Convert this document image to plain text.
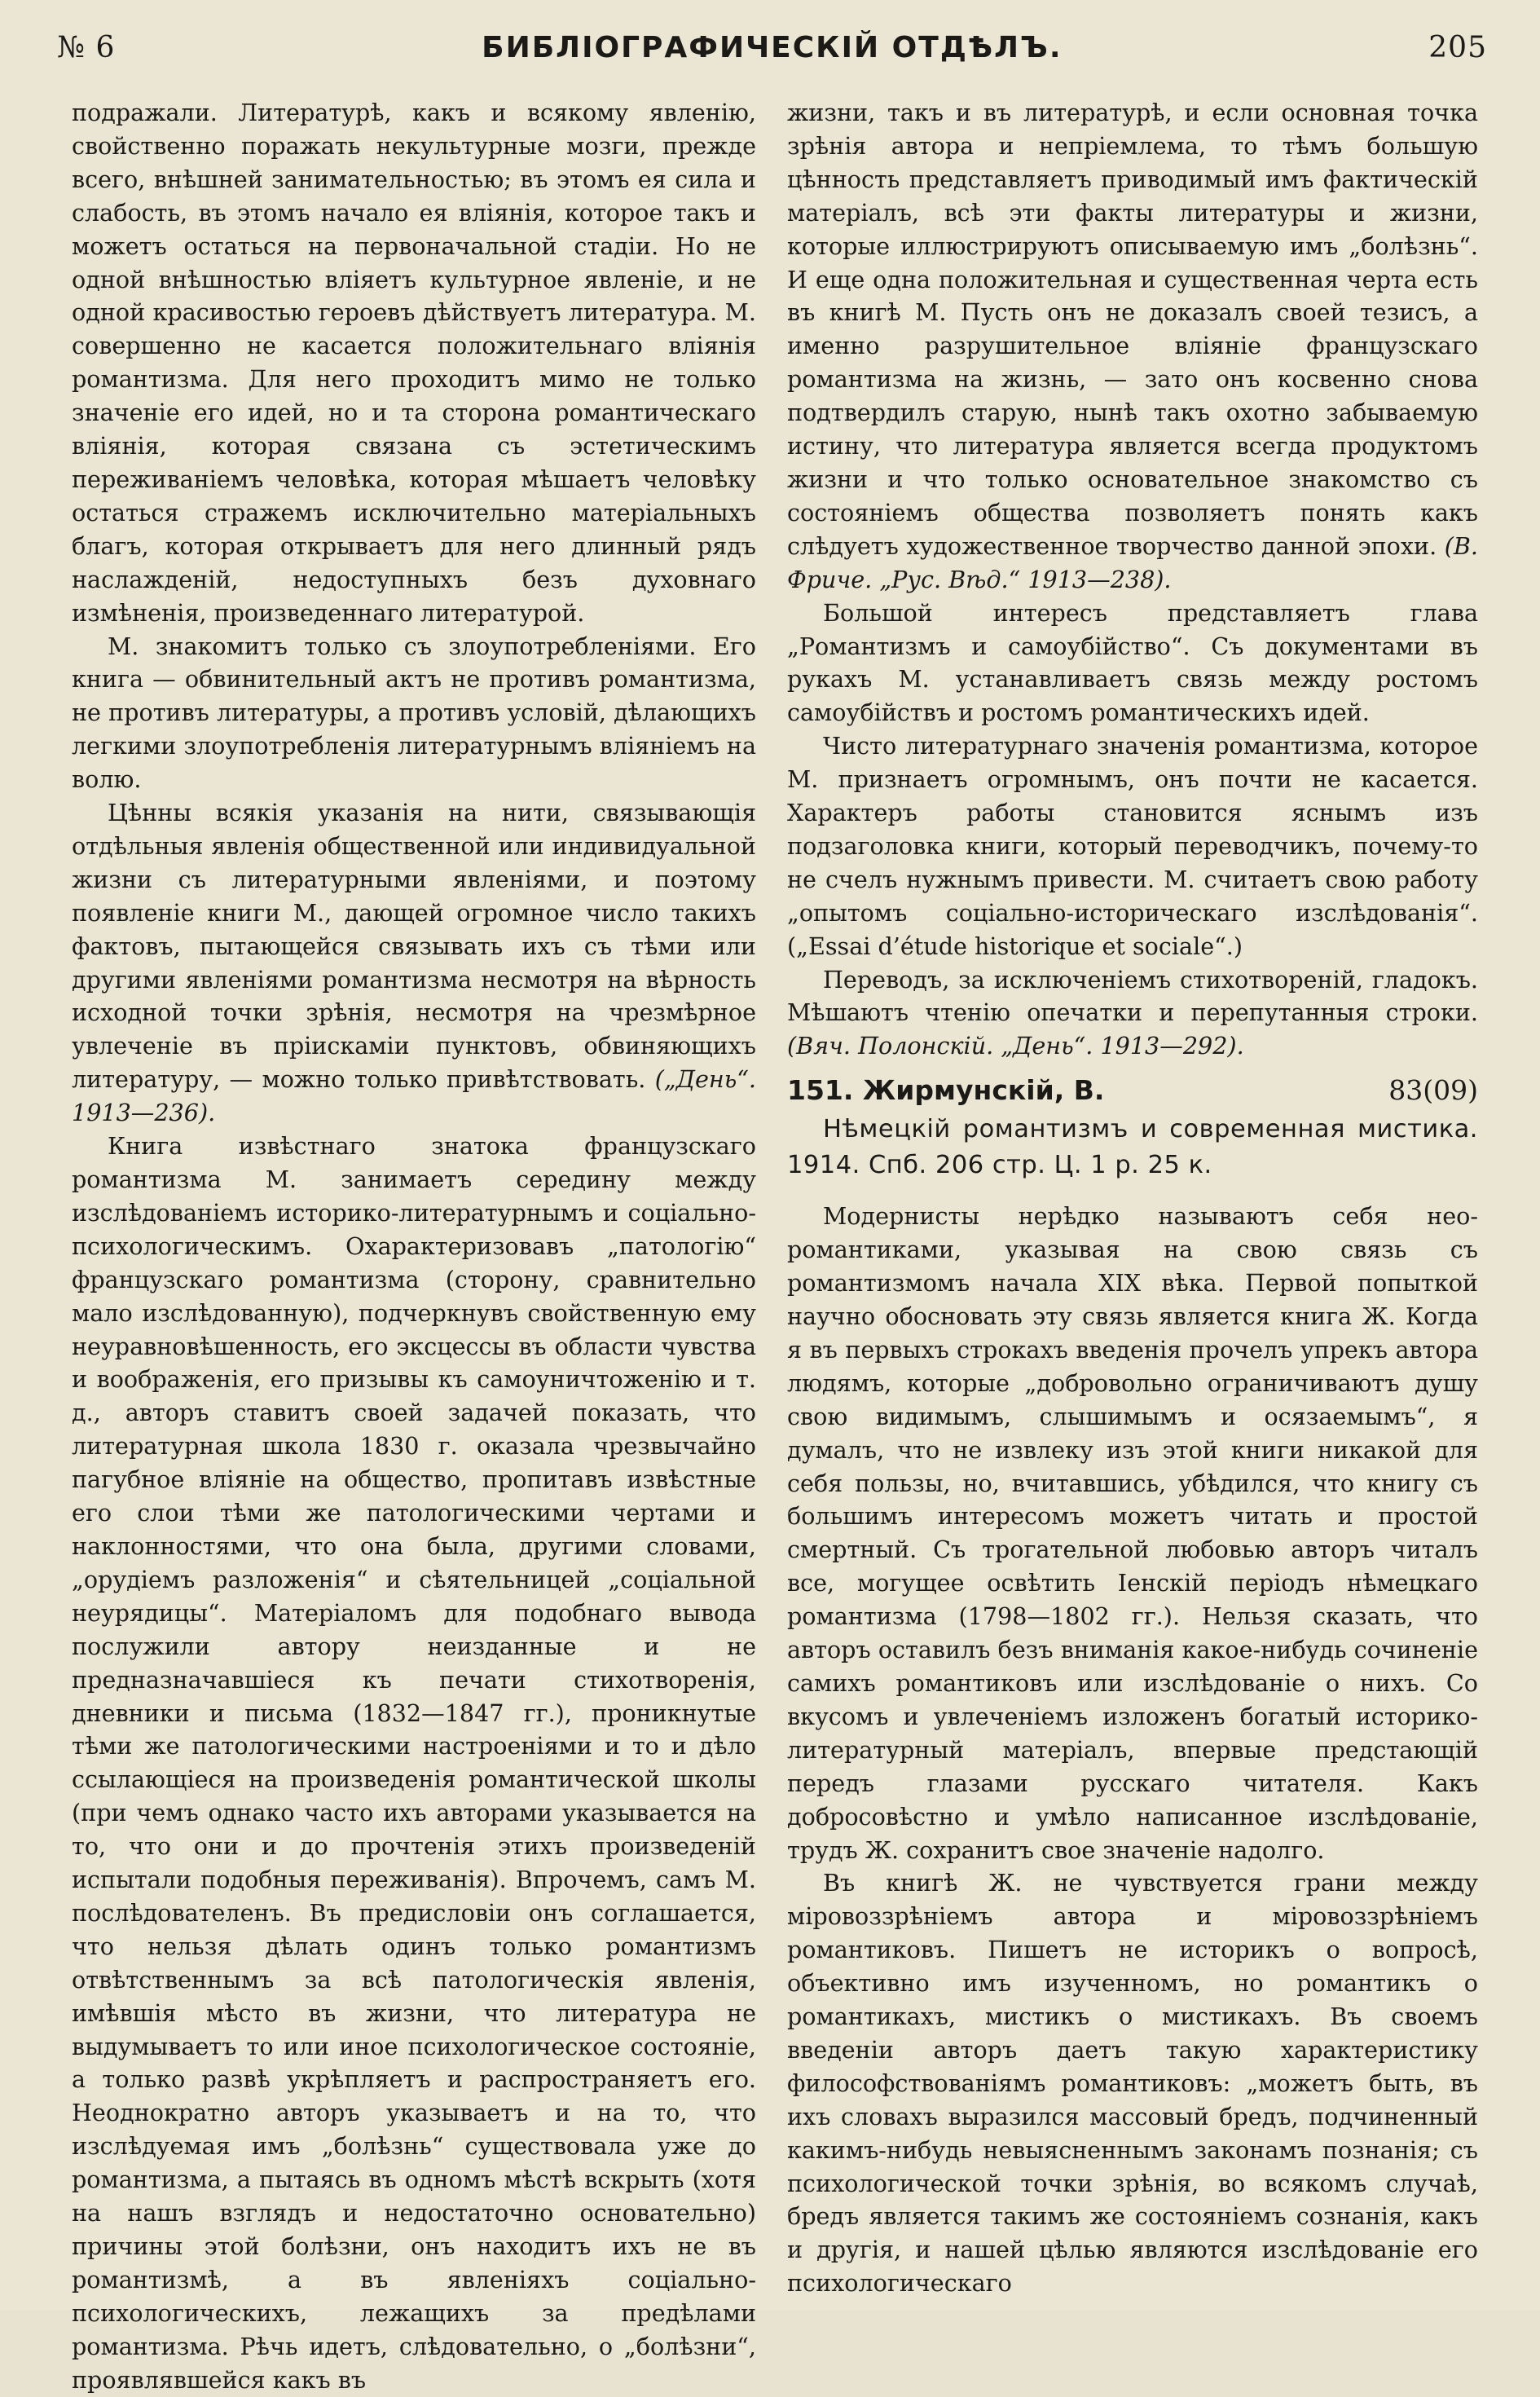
№ 6	БИБЛІОГРАФИЧЕСКІЙ ОТДѢЛЪ.	205

подражали. Литературѣ, какъ и всякому явленію, свойственно поражать некультурные мозги, прежде всего, внѣшней занимательностью; въ этомъ ея сила и слабость, въ этомъ начало ея вліянія, которое такъ и можетъ остаться на первоначальной стадіи. Но не одной внѣшностью вліяетъ культурное явленіе, и не одной красивостью героевъ дѣйствуетъ литература. М. совершенно не касается положительнаго вліянія романтизма. Для него проходитъ мимо не только значеніе его идей, но и та сторона романтическаго вліянія, которая связана съ эстетическимъ переживаніемъ человѣка, которая мѣшаетъ человѣку остаться стражемъ исключительно матеріальныхъ благъ, которая открываетъ для него длинный рядъ наслажденій, недоступныхъ безъ духовнаго измѣненія, произведеннаго литературой.

М. знакомитъ только съ злоупотребленіями. Его книга — обвинительный актъ не противъ романтизма, не противъ литературы, а противъ условій, дѣлающихъ легкими злоупотребленія литературнымъ вліяніемъ на волю.

Цѣнны всякія указанія на нити, связывающія отдѣльныя явленія общественной или индивидуальной жизни съ литературными явленіями, и поэтому появленіе книги М., дающей огромное число такихъ фактовъ, пытающейся связывать ихъ съ тѣми или другими явленіями романтизма несмотря на вѣрность исходной точки зрѣнія, несмотря на чрезмѣрное увлеченіе въ пріискаміи пунктовъ, обвиняющихъ литературу, — можно только привѣтствовать. („День“. 1913—236).

Книга извѣстнаго знатока французскаго романтизма М. занимаетъ середину между изслѣдованіемъ историко-литературнымъ и соціально-психологическимъ. Охарактеризовавъ „патологію“ французскаго романтизма (сторону, сравнительно мало изслѣдованную), подчеркнувъ свойственную ему неуравновѣшенность, его эксцессы въ области чувства и воображенія, его призывы къ самоуничтоженію и т. д., авторъ ставитъ своей задачей показать, что литературная школа 1830 г. оказала чрезвычайно пагубное вліяніе на общество, пропитавъ извѣстные его слои тѣми же патологическими чертами и наклонностями, что она была, другими словами, „орудіемъ разложенія“ и сѣятельницей „соціальной неурядицы“. Матеріаломъ для подобнаго вывода послужили автору неизданные и не предназначавшіеся къ печати стихотворенія, дневники и письма (1832—1847 гг.), проникнутые тѣми же патологическими настроеніями и то и дѣло ссылающіеся на произведенія романтической школы (при чемъ однако часто ихъ авторами указывается на то, что они и до прочтенія этихъ произведеній испытали подобныя переживанія). Впрочемъ, самъ М. послѣдователенъ. Въ предисловіи онъ соглашается, что нельзя дѣлать одинъ только романтизмъ отвѣтственнымъ за всѣ патологическія явленія, имѣвшія мѣсто въ жизни, что литература не выдумываетъ то или иное психологическое состояніе, а только развѣ укрѣпляетъ и распространяетъ его. Неоднократно авторъ указываетъ и на то, что изслѣдуемая имъ „болѣзнь“ существовала уже до романтизма, а пытаясь въ одномъ мѣстѣ вскрыть (хотя на нашъ взглядъ и недостаточно основательно) причины этой болѣзни, онъ находитъ ихъ не въ романтизмѣ, а въ явленіяхъ соціально-психологическихъ, лежащихъ за предѣлами романтизма. Рѣчь идетъ, слѣдовательно, о „болѣзни“, проявлявшейся какъ въ

жизни, такъ и въ литературѣ, и если основная точка зрѣнія автора и непріемлема, то тѣмъ большую цѣнность представляетъ приводимый имъ фактическій матеріалъ, всѣ эти факты литературы и жизни, которые иллюстрируютъ описываемую имъ „болѣзнь“. И еще одна положительная и существенная черта есть въ книгѣ М. Пусть онъ не доказалъ своей тезисъ, а именно разрушительное вліяніе французскаго романтизма на жизнь, — зато онъ косвенно снова подтвердилъ старую, нынѣ такъ охотно забываемую истину, что литература является всегда продуктомъ жизни и что только основательное знакомство съ состояніемъ общества позволяетъ понять какъ слѣдуетъ художественное творчество данной эпохи. (В. Фриче. „Рус. Вѣд.“ 1913—238).

Большой интересъ представляетъ глава „Романтизмъ и самоубійство“. Съ документами въ рукахъ М. устанавливаетъ связь между ростомъ самоубійствъ и ростомъ романтическихъ идей.

Чисто литературнаго значенія романтизма, которое М. признаетъ огромнымъ, онъ почти не касается. Характеръ работы становится яснымъ изъ подзаголовка книги, который переводчикъ, почему-то не счелъ нужнымъ привести. М. считаетъ свою работу „опытомъ соціально-историческаго изслѣдованія“. („Essai d’étude historique et sociale“.)

Переводъ, за исключеніемъ стихотвореній, гладокъ. Мѣшаютъ чтенію опечатки и перепутанныя строки. (Вяч. Полонскій. „День“. 1913—292).

151. Жирмунскій, В.	83(09)
Нѣмецкій романтизмъ и современная мистика. 1914. Спб. 206 стр. Ц. 1 р. 25 к.

Модернисты нерѣдко называютъ себя нео-романтиками, указывая на свою связь съ романтизмомъ начала XIX вѣка. Первой попыткой научно обосновать эту связь является книга Ж. Когда я въ первыхъ строкахъ введенія прочелъ упрекъ авторa людямъ, которые „добровольно ограничиваютъ душу свою видимымъ, слышимымъ и осязаемымъ“, я думалъ, что не извлеку изъ этой книги никакой для себя пользы, но, вчитавшись, убѣдился, что книгу съ большимъ интересомъ можетъ читать и простой смертный. Съ трогательной любовью авторъ читалъ все, могущее освѣтить Іенскій періодъ нѣмецкаго романтизма (1798—1802 гг.). Нельзя сказать, что авторъ оставилъ безъ вниманія какое-нибудь сочиненіе самихъ романтиковъ или изслѣдованіе о нихъ. Со вкусомъ и увлеченіемъ изложенъ богатый историко-литературный матеріалъ, впервые предстающій передъ глазами русскаго читателя. Какъ добросовѣстно и умѣло написанное изслѣдованіе, трудъ Ж. сохранитъ свое значеніе надолго.

Въ книгѣ Ж. не чувствуется грани между міровоззрѣніемъ автора и міровоззрѣніемъ романтиковъ. Пишетъ не историкъ о вопросѣ, объективно имъ изученномъ, но романтикъ о романтикахъ, мистикъ о мистикахъ. Въ своемъ введеніи авторъ даетъ такую характеристику философствованіямъ романтиковъ: „можетъ быть, въ ихъ словахъ выразился массовый бредъ, подчиненный какимъ-нибудь невыясненнымъ законамъ познанія; съ психологической точки зрѣнія, во всякомъ случаѣ, бредъ является такимъ же состояніемъ сознанія, какъ и другія, и нашей цѣлью являются изслѣдованіе его психологическаго
